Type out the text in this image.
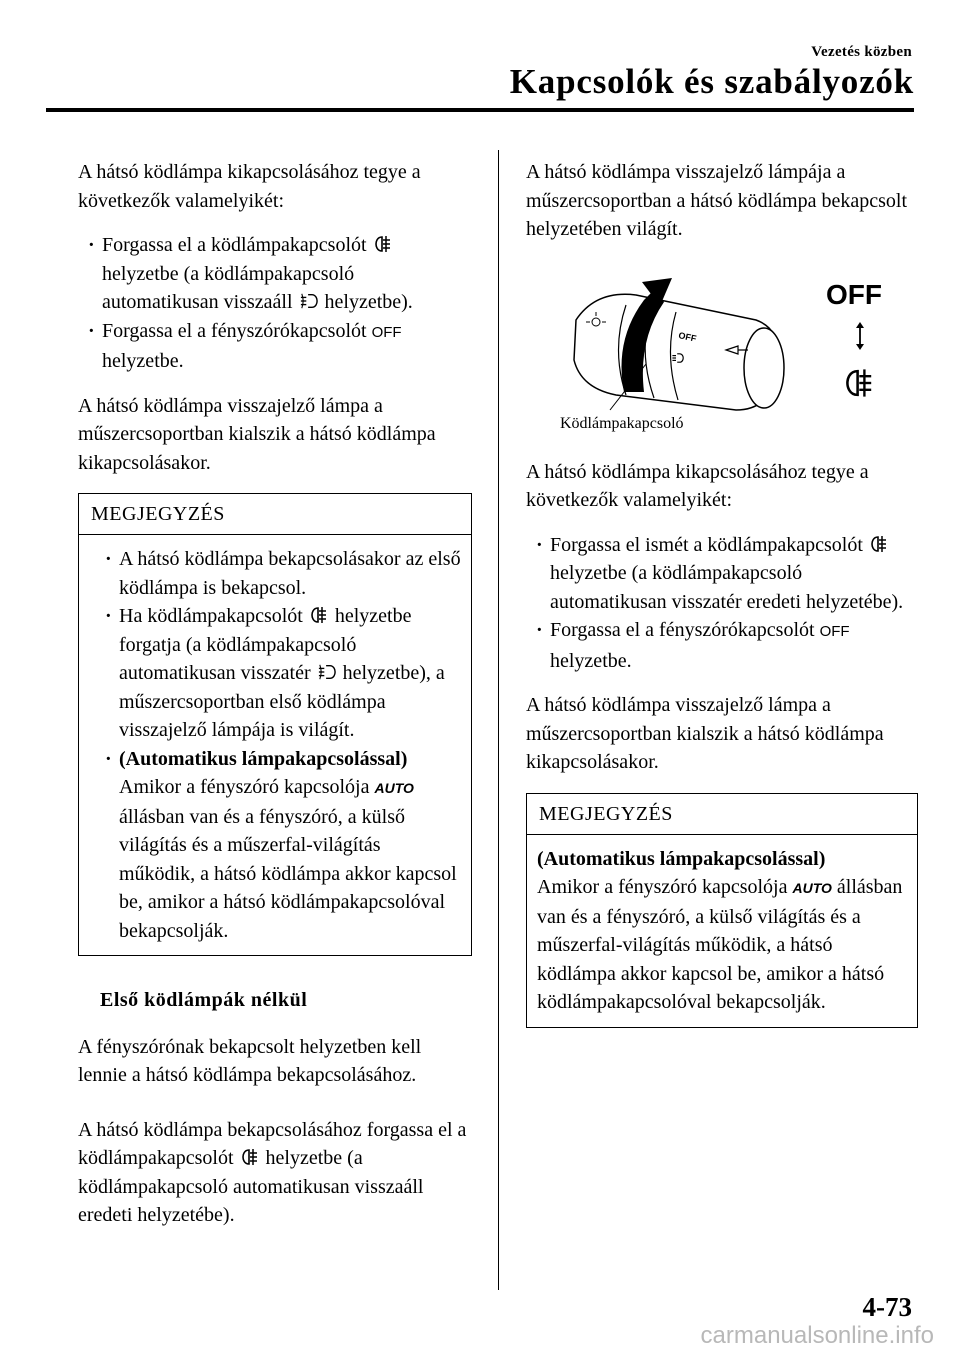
Vezetés közben
Kapcsolók és szabályozók

A hátsó ködlámpa kikapcsolásához tegye a következők valamelyikét:

· Forgassa el a ködlámpakapcsolót  helyzetbe (a ködlámpakapcsoló automatikusan visszaáll helyzetbe).
· Forgassa el a fényszórókapcsolót OFF
helyzetbe.

A hátsó ködlámpa visszajelző lámpa a műszercsoportban kialszik a hátsó ködlámpa kikapcsolásakor.

MEGJEGYZÉS
· A hátsó ködlámpa bekapcsolásakor az első ködlámpa is bekapcsol.
· Ha ködlámpakapcsolót helyzetbe forgatja (a ködlámpakapcsoló automatikusan visszatér helyzetbe), a műszercsoportban első ködlámpa visszajelző lámpája is világít.
· (Automatikus lámpakapcsolással)
Amikor a fényszóró kapcsolója AUTO állásban van és a fényszóró, a külső világítás és a műszerfal-világítás működik, a hátsó ködlámpa akkor kapcsol be, amikor a hátsó ködlámpakapcsolóval bekapcsolják.
Első ködlámpák nélkül

A fényszórónak bekapcsolt helyzetben kell lennie a hátsó ködlámpa bekapcsolásához.

A hátsó ködlámpa bekapcsolásához forgassa el a ködlámpakapcsolót helyzetbe (a ködlámpakapcsoló automatikusan visszaáll eredeti helyzetébe).

A hátsó ködlámpa visszajelző lámpája a műszercsoportban a hátsó ködlámpa bekapcsolt helyzetében világít.

OFF
OFF
Ködlámpakapcsoló

A hátsó ködlámpa kikapcsolásához tegye a következők valamelyikét:

· Forgassa el ismét a ködlámpakapcsolót  helyzetbe (a ködlámpakapcsoló automatikusan visszatér eredeti helyzetébe).
· Forgassa el a fényszórókapcsolót OFF
helyzetbe.

A hátsó ködlámpa visszajelző lámpa a műszercsoportban kialszik a hátsó ködlámpa kikapcsolásakor.

MEGJEGYZÉS

(Automatikus lámpakapcsolással)
Amikor a fényszóró kapcsolója AUTO állásban van és a fényszóró, a külső világítás és a műszerfal-világítás működik, a hátsó ködlámpa akkor kapcsol be, amikor a hátsó ködlámpakapcsolóval bekapcsolják.

4-73
carmanualsonline.info
